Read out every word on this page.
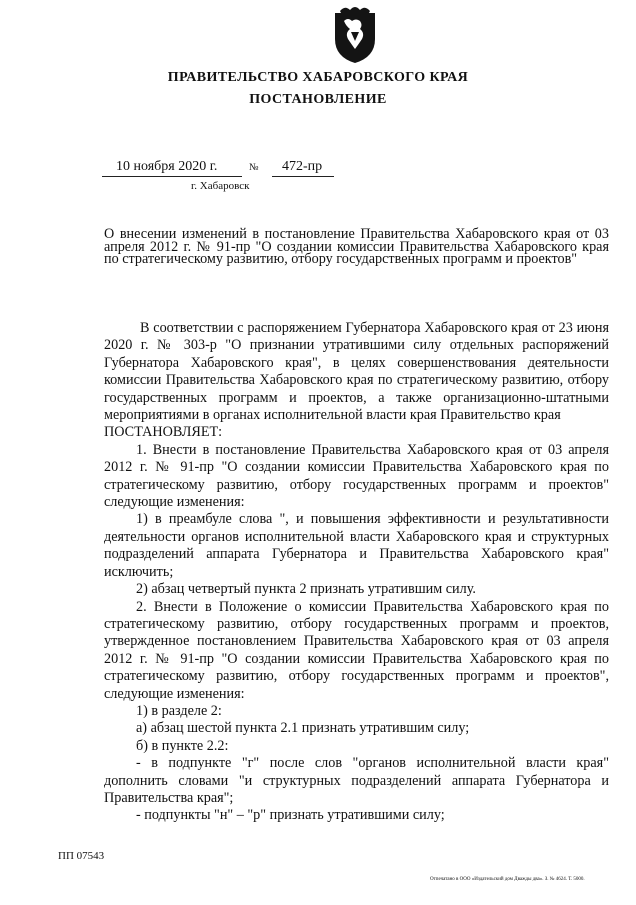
ПРАВИТЕЛЬСТВО ХАБАРОВСКОГО КРАЯ
ПОСТАНОВЛЕНИЕ
10 ноября 2020 г.	№ 472-пр
г. Хабаровск
О внесении изменений в постановление Правительства Хабаровского края от 03 апреля 2012 г. № 91-пр "О создании комиссии Правительства Хабаровского края по стратегическому развитию, отбору государственных программ и проектов"

В соответствии с распоряжением Губернатора Хабаровского края от 23 июня 2020 г. № 303-р "О признании утратившими силу отдельных распоряжений Губернатора Хабаровского края", в целях совершенствования деятельности комиссии Правительства Хабаровского края по стратегическому развитию, отбору государственных программ и проектов, а также организационно-штатными мероприятиями в органах исполнительной власти края Правительство края

ПОСТАНОВЛЯЕТ:

1. Внести в постановление Правительства Хабаровского края от 03 апреля 2012 г. № 91-пр "О создании комиссии Правительства Хабаровского края по стратегическому развитию, отбору государственных программ и проектов" следующие изменения:

1) в преамбуле слова ", и повышения эффективности и результативности деятельности органов исполнительной власти Хабаровского края и структурных подразделений аппарата Губернатора и Правительства Хабаровского края" исключить;

2) абзац четвертый пункта 2 признать утратившим силу.

2. Внести в Положение о комиссии Правительства Хабаровского края по стратегическому развитию, отбору государственных программ и проектов, утвержденное постановлением Правительства Хабаровского края от 03 апреля 2012 г. № 91-пр "О создании комиссии Правительства Хабаровского края по стратегическому развитию, отбору государственных программ и проектов", следующие изменения:

1) в разделе 2:

а) абзац шестой пункта 2.1 признать утратившим силу;

б) в пункте 2.2:

- в подпункте "г" после слов "органов исполнительной власти края" дополнить словами "и структурных подразделений аппарата Губернатора и Правительства края";

- подпункты "н" – "р" признать утратившими силу;

ПП 07543
Отпечатано в ООО «Издательский дом Дважды два». З. № 4624. Т. 5000.
